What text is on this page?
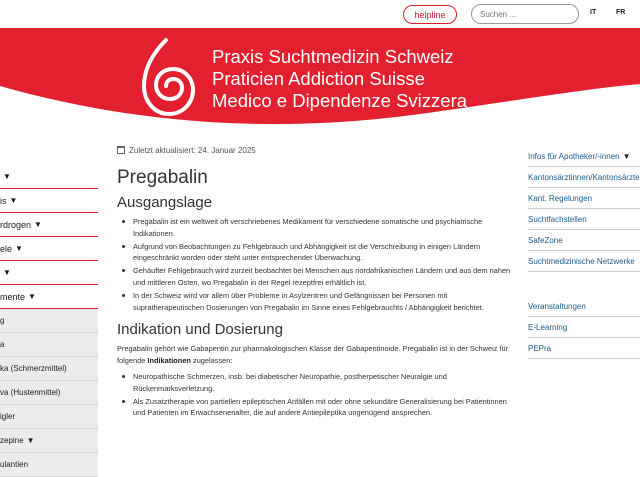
helpline
Suchen ...	IT	FR
Praxis Suchtmedizin Schweiz
Praticien Addiction Suisse
Medico e Dipendenze Svizzera
▼
is ▼
rdrogen ▼
ele ▼
▼
mente ▼
g
a
ka (Schmerzmittel)
va (Hustenmittel)
igler
zepine ▼
ulantien
Zuletzt aktualisiert: 24. Januar 2025
Pregabalin
Ausgangslage
Pregabalin ist ein weltweit oft verschriebenes Medikament für verschiedene somatische und psychiatrische Indikationen.
Aufgrund von Beobachtungen zu Fehlgebrauch und Abhängigkeit ist die Verschreibung in einigen Ländern eingeschränkt worden oder steht unter entsprechender Überwachung.
Gehäufter Fehlgebrauch wird zurzeit beobachtet bei Menschen aus nordafrikanischen Ländern und aus dem nahen und mittleren Osten, wo Pregabalin in der Regel rezeptfrei erhältlich ist.
In der Schweiz wird vor allem über Probleme in Asylzentren und Gefängnissen bei Personen mit supratherapeutischen Dosierungen von Pregabalin im Sinne eines Fehlgebrauchts / Abhängigkeit berichtet.
Indikation und Dosierung

Pregabalin gehört wie Gabapentin zur pharmakologischen Klasse der Gabapentinoide. Pregabalin ist in der Schweiz für folgende Indikationen zugelassen:

Neuropathische Schmerzen, insb. bei diabetischer Neuropathie, postherpetischer Neuralgie und Rückenmarksverletzung.
Als Zusatztherapie von partiellen epileptischen Anfällen mit oder ohne sekundäre Generalisierung bei Patientinnen und Patienten im Erwachsenenalter, die auf andere Antiepileptika ungenügend ansprechen.
Infos für Apotheker/-innen ▼
Kantonsärztinnen/Kantonsärzte
Kant. Regelungen
Suchtfachstellen
SafeZone
Suchtmedizinische Netzwerke
Veranstaltungen
E-Learning
PEPra
